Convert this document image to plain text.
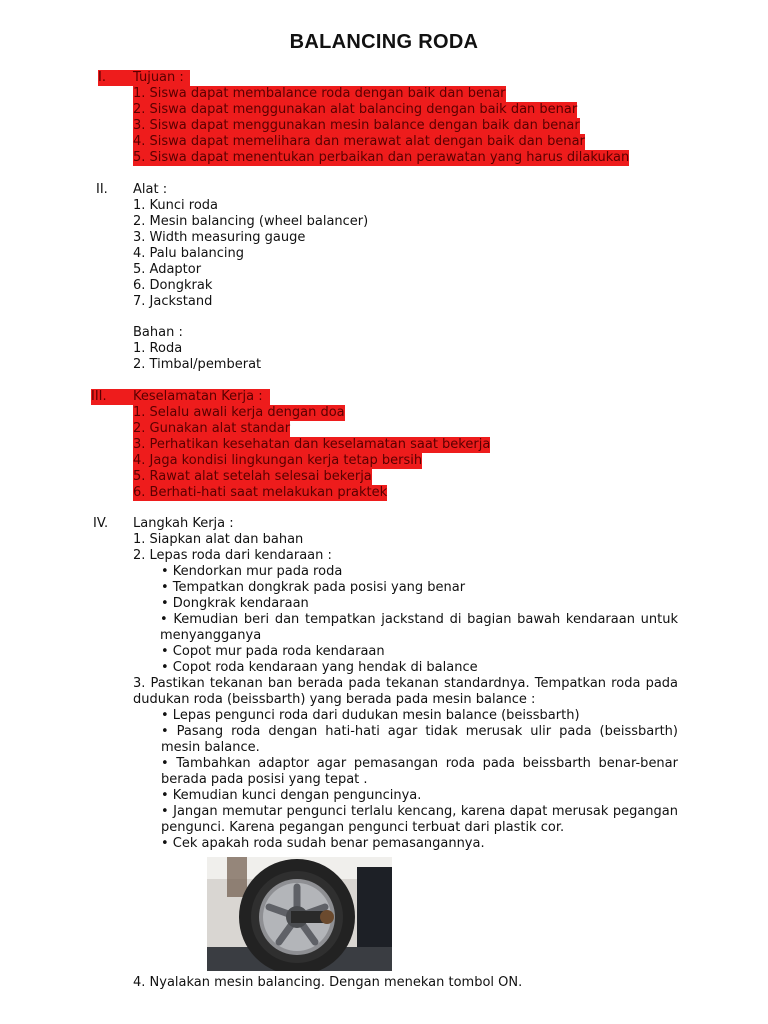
BALANCING RODA
I.	Tujuan :
1. Siswa dapat membalance roda dengan baik dan benar
2. Siswa dapat menggunakan alat balancing dengan baik dan benar
3. Siswa dapat menggunakan mesin balance dengan baik dan benar
4. Siswa dapat memelihara dan merawat alat dengan baik dan benar
5. Siswa dapat menentukan perbaikan dan perawatan yang harus dilakukan
II. Alat :
1. Kunci roda
2. Mesin balancing (wheel balancer)
3. Width measuring gauge
4. Palu balancing
5. Adaptor
6. Dongkrak
7. Jackstand
Bahan :
1. Roda
2. Timbal/pemberat
III.	Keselamatan Kerja :
1. Selalu awali kerja dengan doa
2. Gunakan alat standar
3. Perhatikan kesehatan dan keselamatan saat bekerja
4. Jaga kondisi lingkungan kerja tetap bersih
5. Rawat alat setelah selesai bekerja
6. Berhati-hati saat melakukan praktek
IV. Langkah Kerja :
1. Siapkan alat dan bahan
2. Lepas roda dari kendaraan :
• Kendorkan mur pada roda
• Tempatkan dongkrak pada posisi yang benar
• Dongkrak kendaraan
• Kemudian beri dan tempatkan jackstand di bagian bawah kendaraan untuk menyangganya
• Copot mur pada roda kendaraan
• Copot roda kendaraan yang hendak di balance
3. Pastikan tekanan ban berada pada tekanan standardnya. Tempatkan roda pada dudukan roda (beissbarth) yang berada pada mesin balance :
• Lepas pengunci roda dari dudukan mesin balance (beissbarth)
• Pasang roda dengan hati-hati agar tidak merusak ulir pada (beissbarth) mesin balance.
• Tambahkan adaptor agar pemasangan roda pada beissbarth benar-benar berada pada posisi yang tepat .
• Kemudian kunci dengan penguncinya.
• Jangan memutar pengunci terlalu kencang, karena dapat merusak pegangan pengunci. Karena pegangan pengunci terbuat dari plastik cor.
• Cek apakah roda sudah benar pemasangannya.
4. Nyalakan mesin balancing. Dengan menekan tombol ON.
